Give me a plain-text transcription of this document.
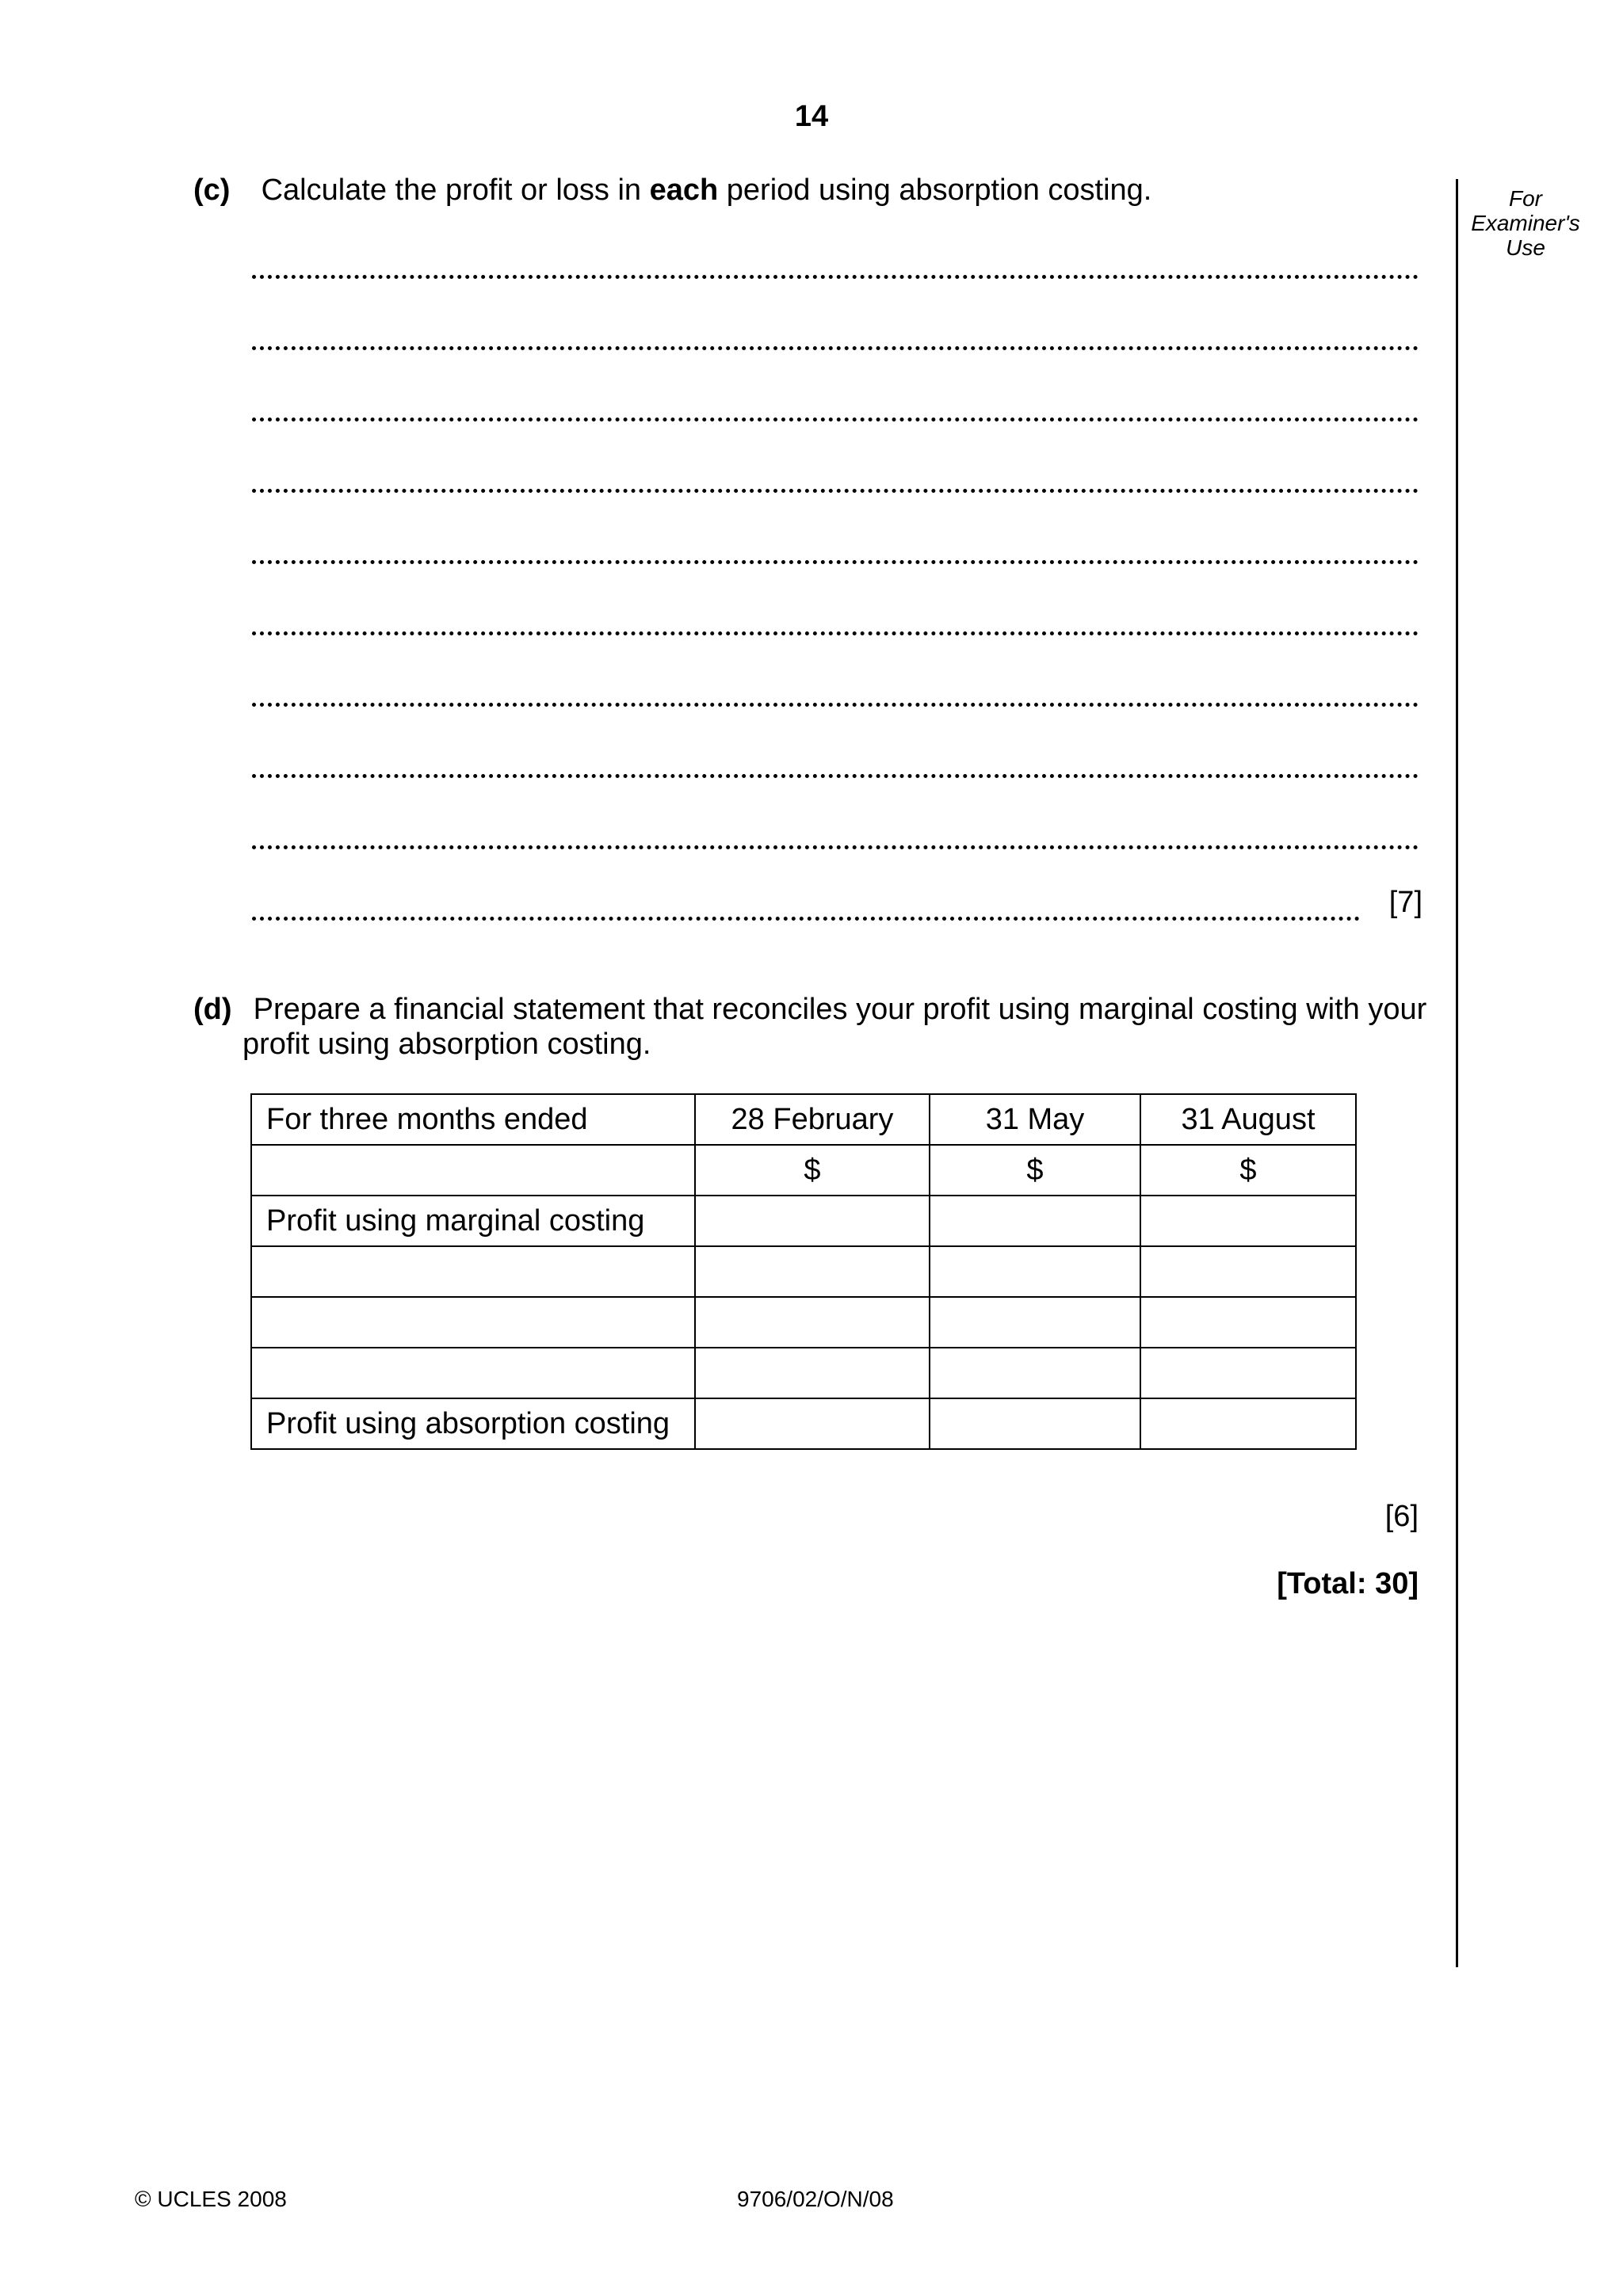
14
For
Examiner's
Use
(c) Calculate the profit or loss in each period using absorption costing.
[7]
(d) Prepare a financial statement that reconciles your profit using marginal costing with your
profit using absorption costing.
For three months ended	28 February	31 May	31 August
	$	$	$
Profit using marginal costing			

Profit using absorption costing			
[6]
[Total: 30]
© UCLES 2008	9706/02/O/N/08
